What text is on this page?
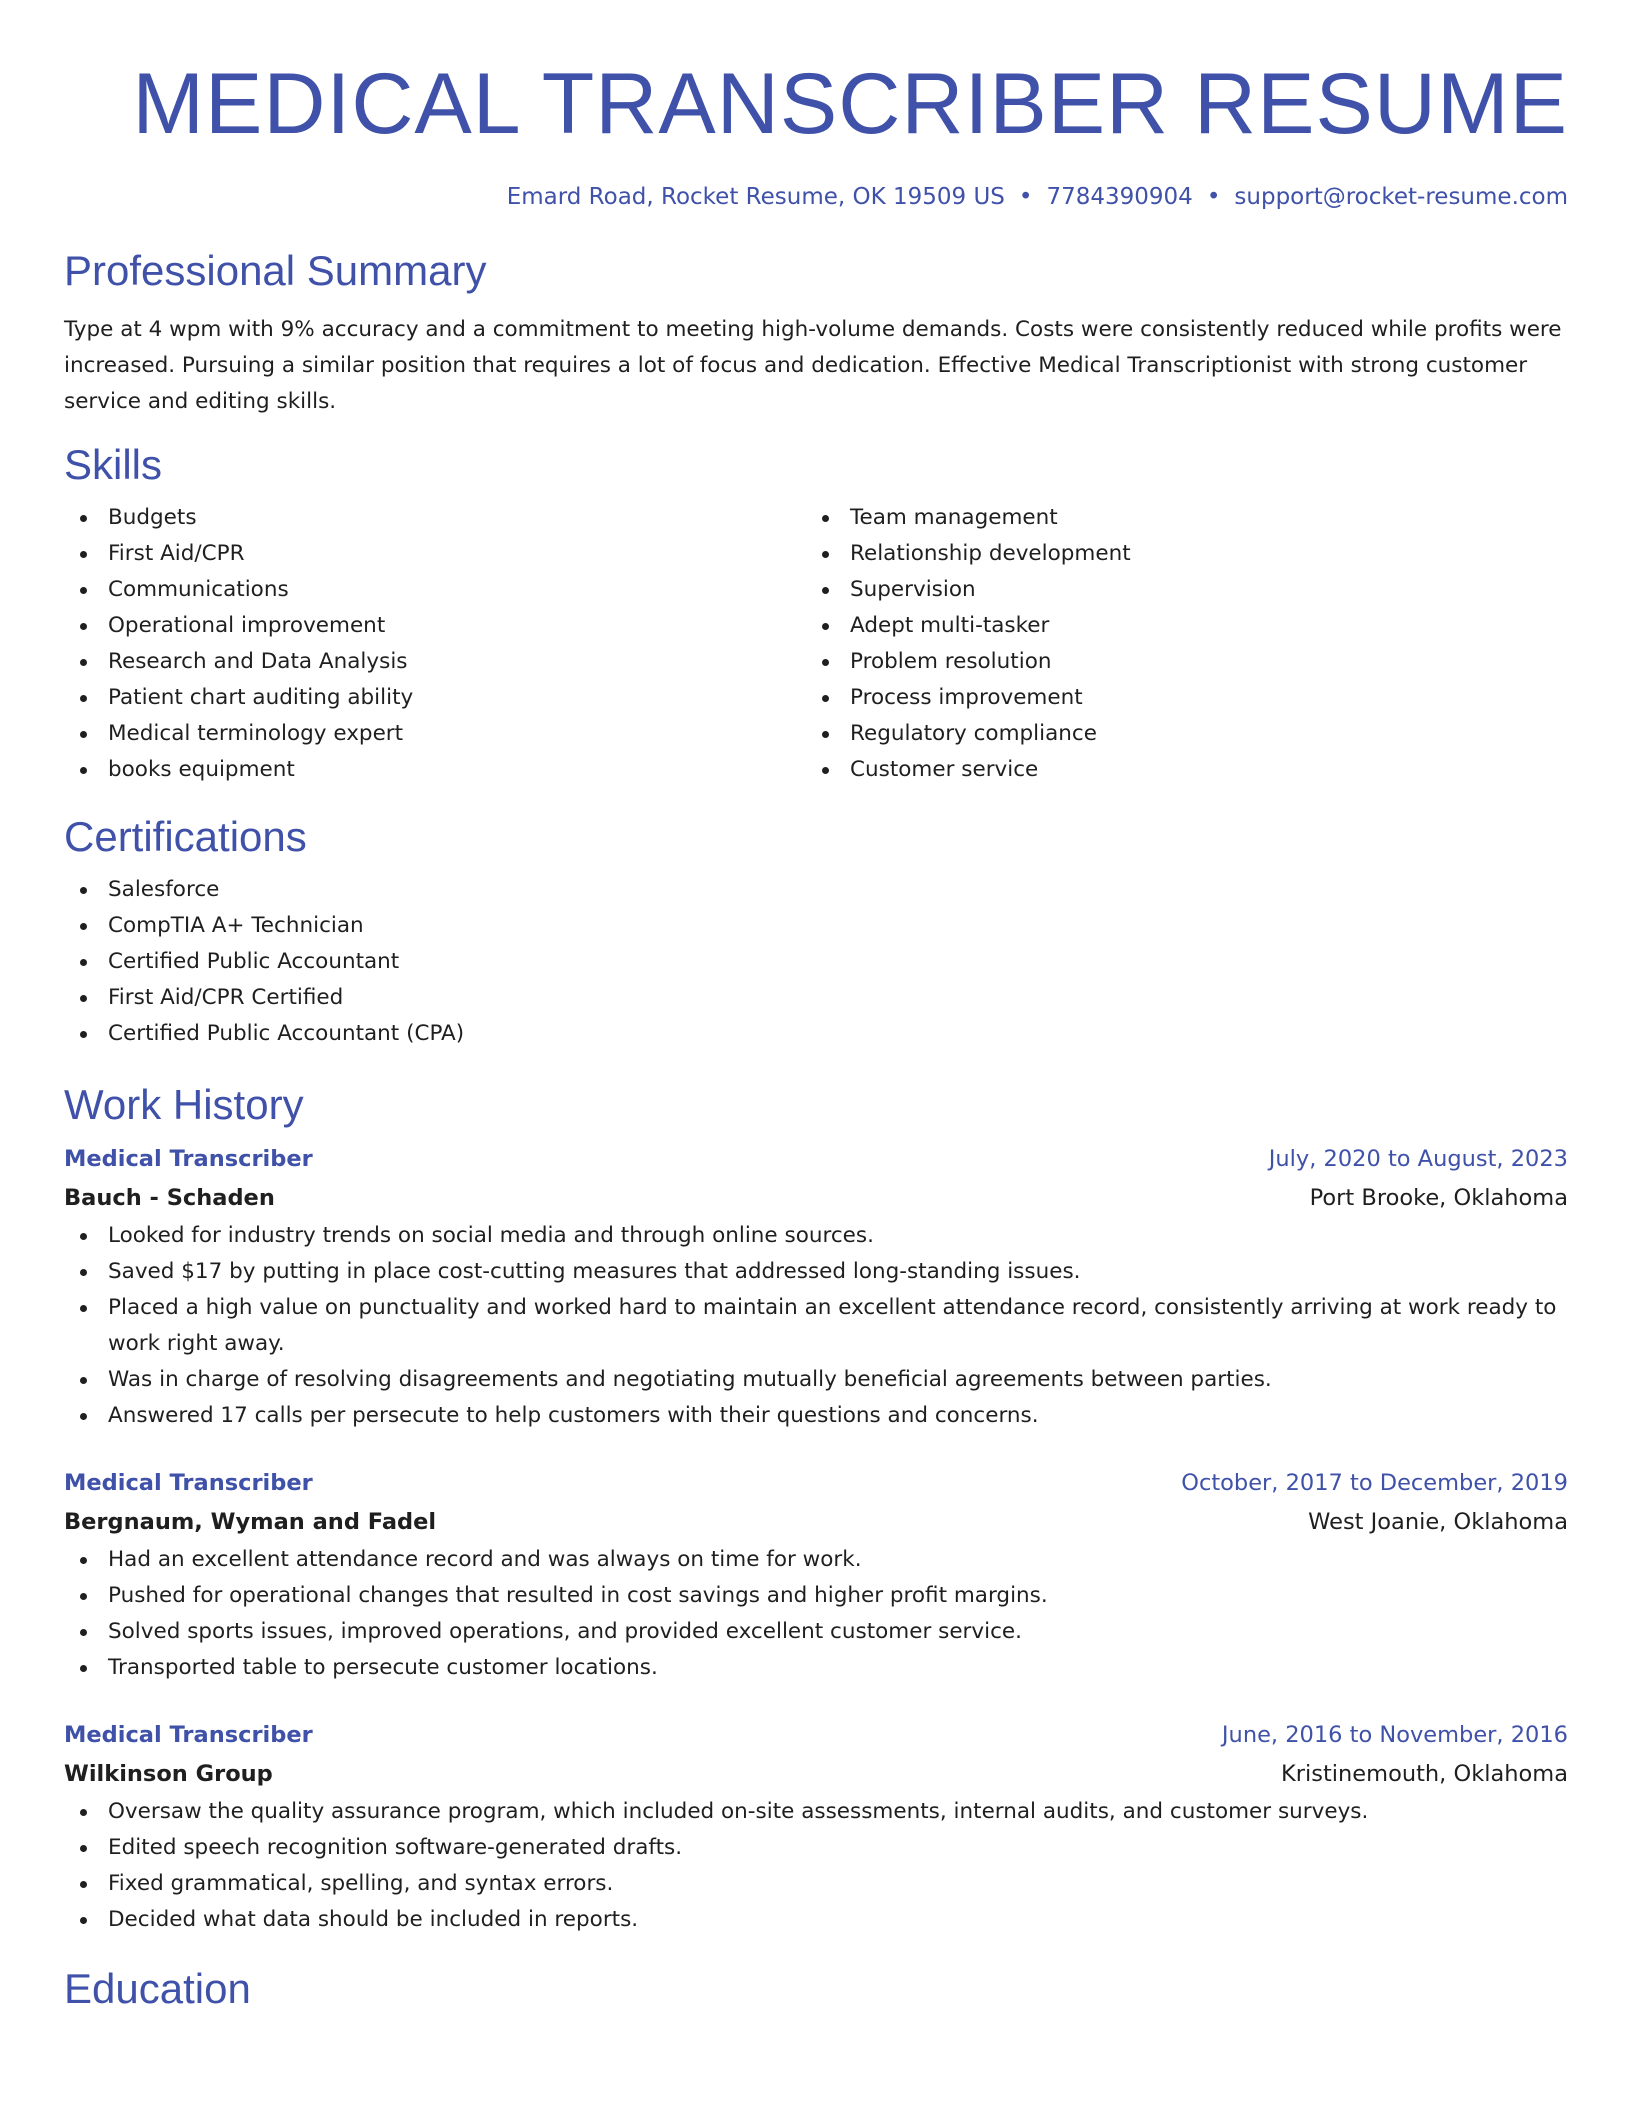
MEDICAL TRANSCRIBER RESUME
Emard Road, Rocket Resume, OK 19509 US • 7784390904 • support@rocket-resume.com
Professional Summary

Type at 4 wpm with 9% accuracy and a commitment to meeting high-volume demands. Costs were consistently reduced while profits were increased. Pursuing a similar position that requires a lot of focus and dedication. Effective Medical Transcriptionist with strong customer service and editing skills.

Skills
Budgets
First Aid/CPR
Communications
Operational improvement
Research and Data Analysis
Patient chart auditing ability
Medical terminology expert
books equipment
Team management
Relationship development
Supervision
Adept multi-tasker
Problem resolution
Process improvement
Regulatory compliance
Customer service
Certifications
Salesforce
CompTIA A+ Technician
Certified Public Accountant
First Aid/CPR Certified
Certified Public Accountant (CPA)
Work History
Medical Transcriber	July, 2020 to August, 2023
Bauch - Schaden	Port Brooke, Oklahoma
Looked for industry trends on social media and through online sources.
Saved $17 by putting in place cost-cutting measures that addressed long-standing issues.
Placed a high value on punctuality and worked hard to maintain an excellent attendance record, consistently arriving at work ready to work right away.
Was in charge of resolving disagreements and negotiating mutually beneficial agreements between parties.
Answered 17 calls per persecute to help customers with their questions and concerns.
Medical Transcriber	October, 2017 to December, 2019
Bergnaum, Wyman and Fadel	West Joanie, Oklahoma
Had an excellent attendance record and was always on time for work.
Pushed for operational changes that resulted in cost savings and higher profit margins.
Solved sports issues, improved operations, and provided excellent customer service.
Transported table to persecute customer locations.
Medical Transcriber	June, 2016 to November, 2016
Wilkinson Group	Kristinemouth, Oklahoma
Oversaw the quality assurance program, which included on-site assessments, internal audits, and customer surveys.
Edited speech recognition software-generated drafts.
Fixed grammatical, spelling, and syntax errors.
Decided what data should be included in reports.
Education
